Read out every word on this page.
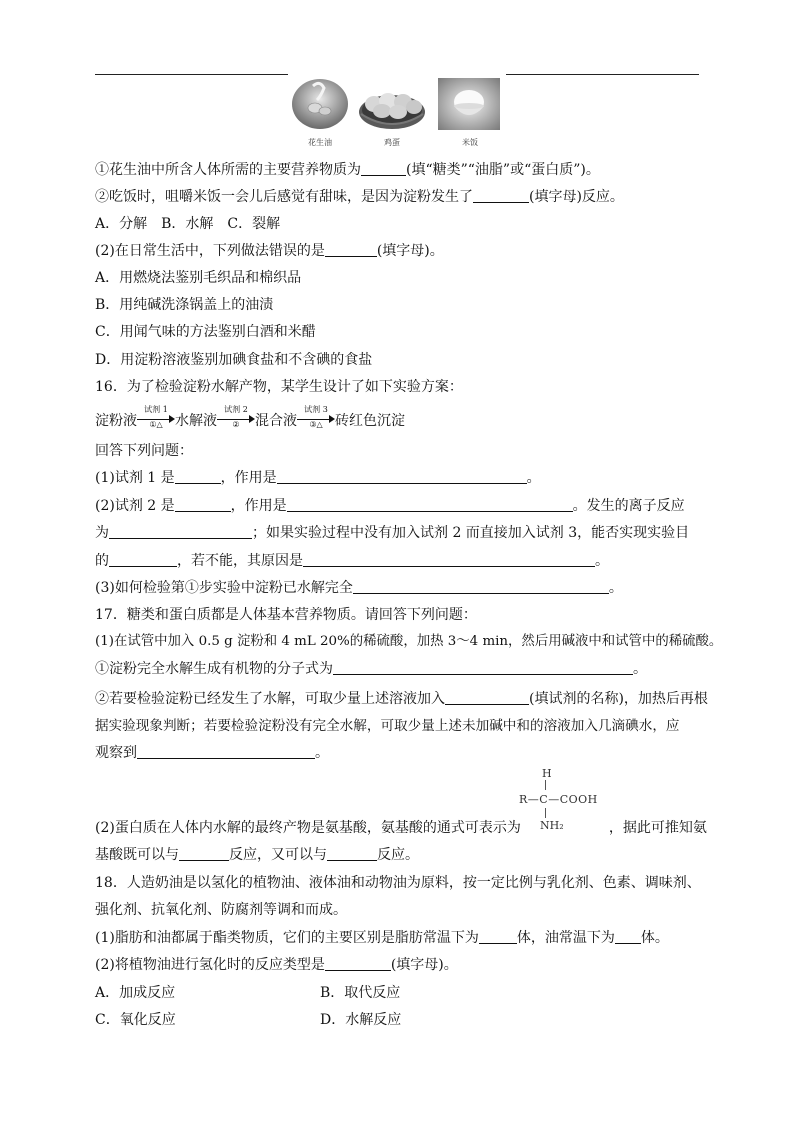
花生油	鸡蛋	米饭
①花生油中所含人体所需的主要营养物质为	(填“糖类”“油脂”或“蛋白质”)。
②吃饭时，咀嚼米饭一会儿后感觉有甜味，是因为淀粉发生了	(填字母)反应。
A．分解　B．水解　C．裂解
(2)在日常生活中，下列做法错误的是	(填字母)。
A．用燃烧法鉴别毛织品和棉织品
B．用纯碱洗涤锅盖上的油渍
C．用闻气味的方法鉴别白酒和米醋
D．用淀粉溶液鉴别加碘食盐和不含碘的食盐
16．为了检验淀粉水解产物，某学生设计了如下实验方案：
淀粉液
试剂 1
①△ 水解液
试剂 2
②	混合液
试剂 3
③△ 砖红色沉淀
回答下列问题：
(1)试剂 1 是	，作用是	。
(2)试剂 2 是	，作用是	。发生的离子反应
为	；如果实验过程中没有加入试剂 2 而直接加入试剂 3，能否实现实验目
的	，若不能，其原因是	。
(3)如何检验第①步实验中淀粉已水解完全	。
17．糖类和蛋白质都是人体基本营养物质。请回答下列问题：
(1)在试管中加入 0.5 g 淀粉和 4 mL 20%的稀硫酸，加热 3～4 min，然后用碱液中和试管中的稀硫酸。
①淀粉完全水解生成有机物的分子式为	。
②若要检验淀粉已经发生了水解，可取少量上述溶液加入	(填试剂的名称)，加热后再根
据实验现象判断；若要检验淀粉没有完全水解，可取少量上述未加碱中和的溶液加入几滴碘水，应
观察到	。
H
R—C—COOH
NH₂
(2)蛋白质在人体内水解的最终产物是氨基酸，氨基酸的通式可表示为	，据此可推知氨
基酸既可以与	反应，又可以与	反应。
18．人造奶油是以氢化的植物油、液体油和动物油为原料，按一定比例与乳化剂、色素、调味剂、
强化剂、抗氧化剂、防腐剂等调和而成。
(1)脂肪和油都属于酯类物质，它们的主要区别是脂肪常温下为	体，油常温下为 体。
(2)将植物油进行氢化时的反应类型是	(填字母)。
A．加成反应	B．取代反应
C．氧化反应	D．水解反应
